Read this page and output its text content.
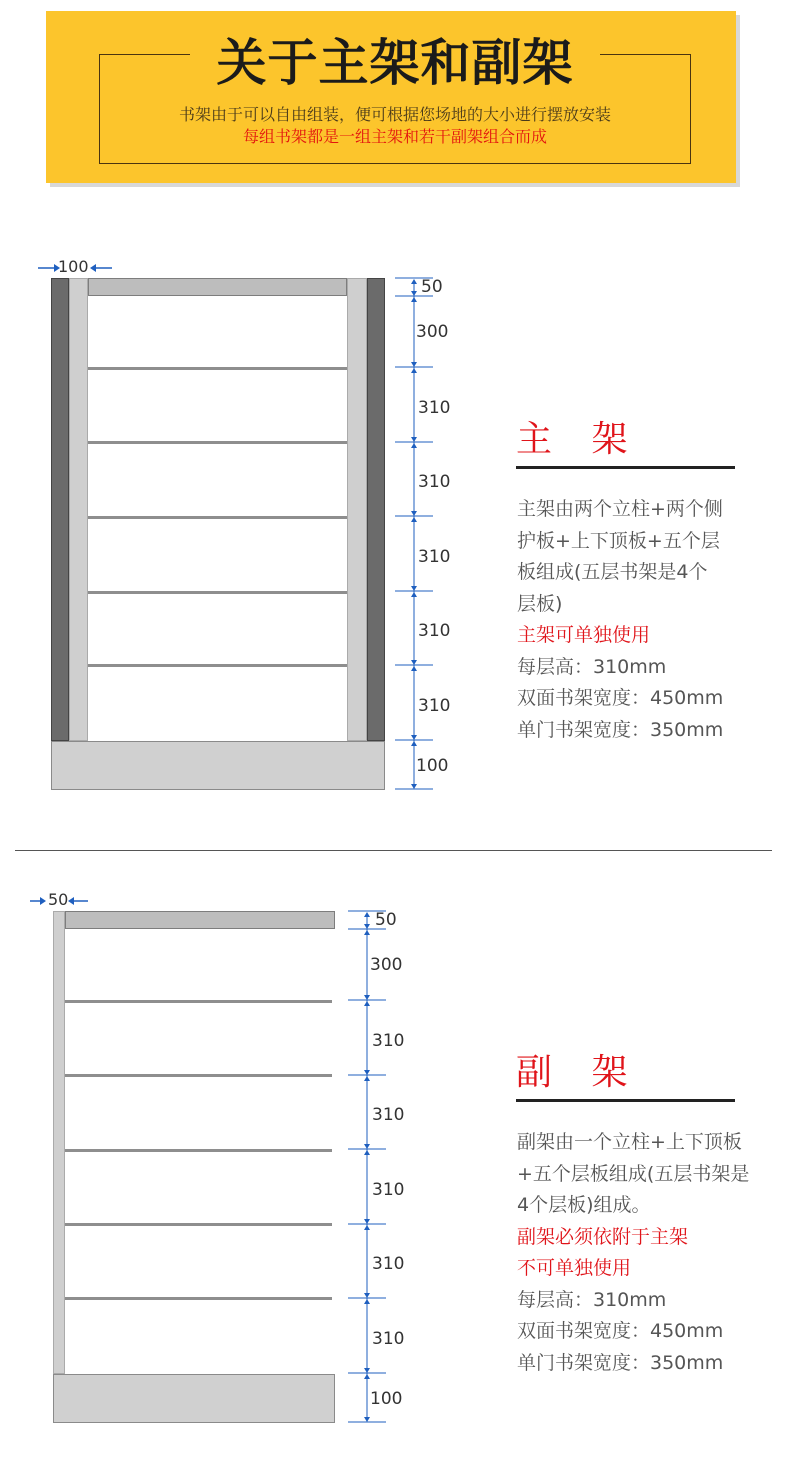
关于主架和副架
书架由于可以自由组装，便可根据您场地的大小进行摆放安装
每组书架都是一组主架和若干副架组合而成
100
50
300
310
310
310
310
310
100
主 架
主架由两个立柱+两个侧
护板+上下顶板+五个层
板组成(五层书架是4个
层板)
主架可单独使用
每层高：310mm
双面书架宽度：450mm
单门书架宽度：350mm
50
50
300
310
310
310
310
310
100
副 架
副架由一个立柱+上下顶板
+五个层板组成(五层书架是
4个层板)组成。
副架必须依附于主架
不可单独使用
每层高：310mm
双面书架宽度：450mm
单门书架宽度：350mm
